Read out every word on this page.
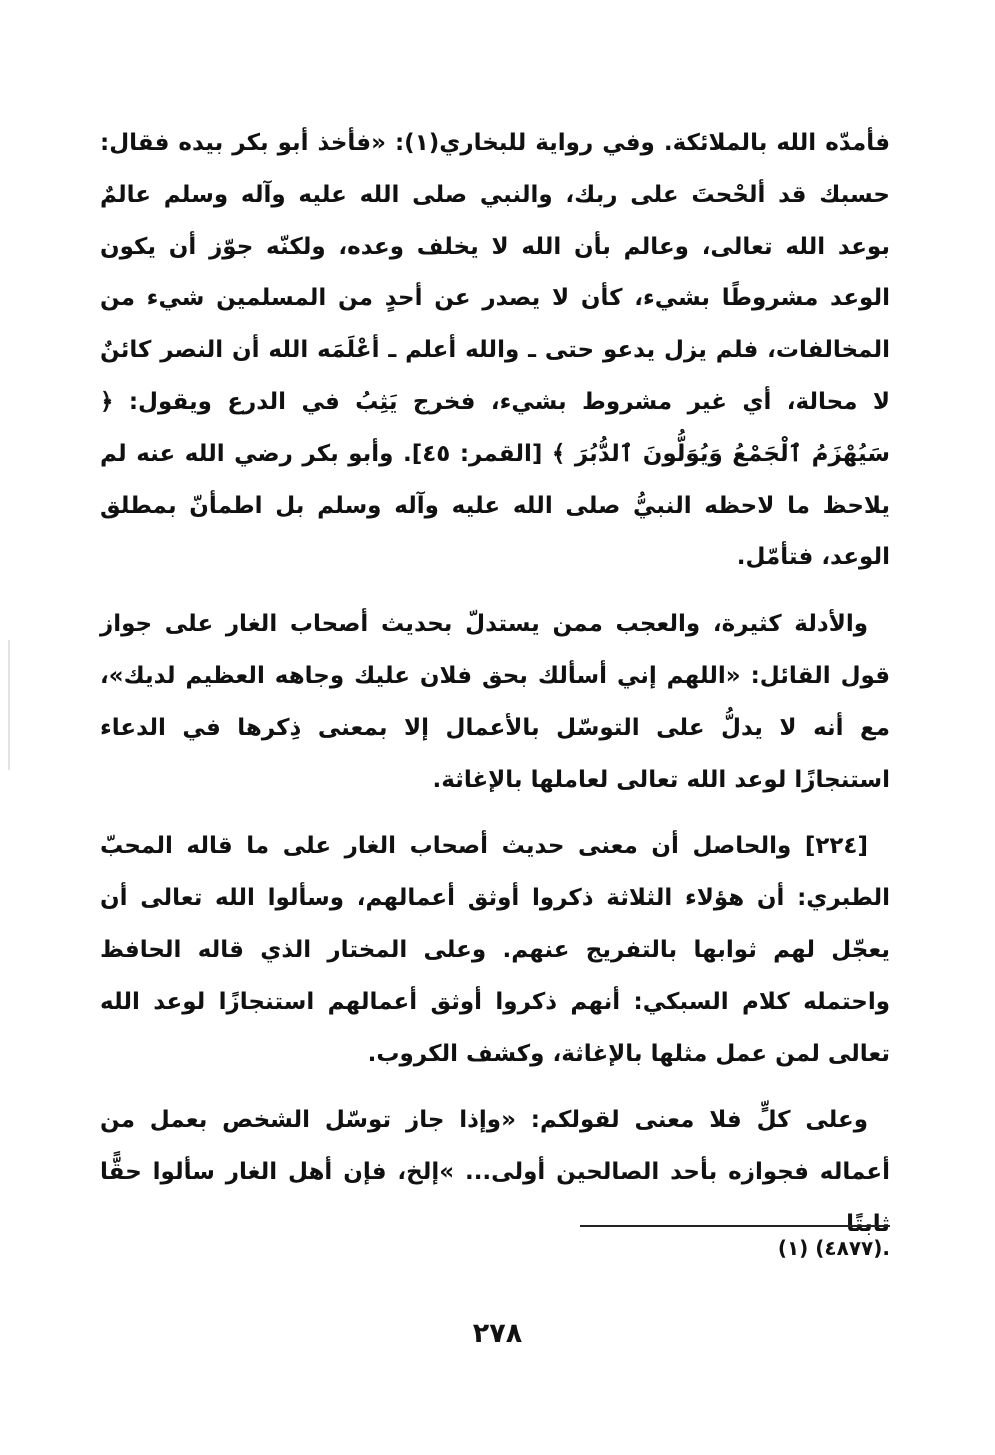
فأمدّه الله بالملائكة. وفي رواية للبخاري(١): «فأخذ أبو بكر بيده فقال: حسبك قد ألحْحتَ على ربك، والنبي صلى الله عليه وآله وسلم عالمٌ بوعد الله تعالى، وعالم بأن الله لا يخلف وعده، ولكنّه جوّز أن يكون الوعد مشروطًا بشيء، كأن لا يصدر عن أحدٍ من المسلمين شيء من المخالفات، فلم يزل يدعو حتى ـ والله أعلم ـ أعْلَمَه الله أن النصر كائنٌ لا محالة، أي غير مشروط بشيء، فخرج يَثِبُ في الدرع ويقول: ﴿ سَيُهْزَمُ ٱلْجَمْعُ وَيُوَلُّونَ ٱلدُّبُرَ ﴾ [القمر: ٤٥]. وأبو بكر رضي الله عنه لم يلاحظ ما لاحظه النبيُّ صلى الله عليه وآله وسلم بل اطمأنّ بمطلق الوعد، فتأمّل.

والأدلة كثيرة، والعجب ممن يستدلّ بحديث أصحاب الغار على جواز قول القائل: «اللهم إني أسألك بحق فلان عليك وجاهه العظيم لديك»، مع أنه لا يدلُّ على التوسّل بالأعمال إلا بمعنى ذِكرها في الدعاء استنجازًا لوعد الله تعالى لعاملها بالإغاثة.

[٢٢٤] والحاصل أن معنى حديث أصحاب الغار على ما قاله المحبّ الطبري: أن هؤلاء الثلاثة ذكروا أوثق أعمالهم، وسألوا الله تعالى أن يعجّل لهم ثوابها بالتفريج عنهم. وعلى المختار الذي قاله الحافظ واحتمله كلام السبكي: أنهم ذكروا أوثق أعمالهم استنجازًا لوعد الله تعالى لمن عمل مثلها بالإغاثة، وكشف الكروب.

وعلى كلٍّ فلا معنى لقولكم: «وإذا جاز توسّل الشخص بعمل من أعماله فجوازه بأحد الصالحين أولى... »إلخ، فإن أهل الغار سألوا حقًّا ثابتًا

.(٤٨٧٧) (١)
٢٧٨
